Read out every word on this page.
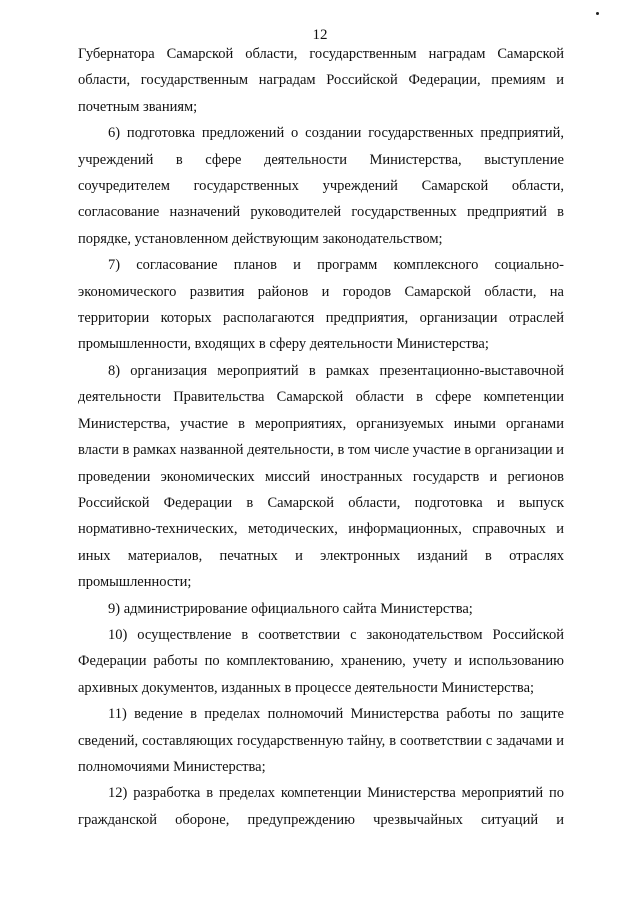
12

Губернатора Самарской области, государственным наградам Самарской области, государственным наградам Российской Федерации, премиям и почетным званиям;

6) подготовка предложений о создании государственных предприятий, учреждений в сфере деятельности Министерства, выступление соучредителем государственных учреждений Самарской области, согласование назначений руководителей государственных предприятий в порядке, установленном действующим законодательством;

7) согласование планов и программ комплексного социально-экономического развития районов и городов Самарской области, на территории которых располагаются предприятия, организации отраслей промышленности, входящих в сферу деятельности Министерства;

8) организация мероприятий в рамках презентационно-выставочной деятельности Правительства Самарской области в сфере компетенции Министерства, участие в мероприятиях, организуемых иными органами власти в рамках названной деятельности, в том числе участие в организации и проведении экономических миссий иностранных государств и регионов Российской Федерации в Самарской области, подготовка и выпуск нормативно-технических, методических, информационных, справочных и иных материалов, печатных и электронных изданий в отраслях промышленности;

9) администрирование официального сайта Министерства;

10) осуществление в соответствии с законодательством Российской Федерации работы по комплектованию, хранению, учету и использованию архивных документов, изданных в процессе деятельности Министерства;

11) ведение в пределах полномочий Министерства работы по защите сведений, составляющих государственную тайну, в соответствии с задачами и полномочиями Министерства;

12) разработка в пределах компетенции Министерства мероприятий по гражданской обороне, предупреждению чрезвычайных ситуаций и
